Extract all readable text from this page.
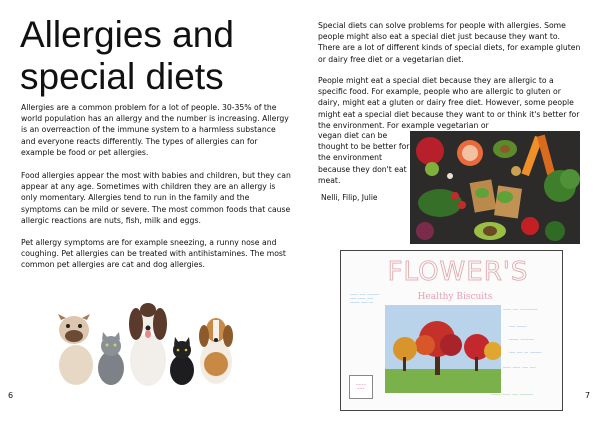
Allergies and
special diets

Allergies are a common problem for a lot of people. 30-35% of the world population has an allergy and the number is increasing. Allergy is an overreaction of the immune system to a harmless substance and everyone reacts differently. The types of allergies can for example be food or pet allergies.

Food allergies appear the most with babies and children, but they can appear at any age. Sometimes with children they are an allergy is only momentary. Allergies tend to run in the family and the symptoms can be mild or severe. The most common foods that cause allergic reactions are nuts, fish, milk and eggs.

Pet allergy symptoms are for example sneezing, a runny nose and coughing. Pet allergies can be treated with antihistamines. The most common pet allergies are cat and dog allergies.

6

Special diets can solve problems for people with allergies. Some people might also eat a special diet just because they want to. There are a lot of different kinds of special diets, for example gluten or dairy free diet or a vegetarian diet.

People might eat a special diet because they are allergic to a specific food. For example, people who are allergic to gluten or dairy, might eat a gluten or dairy free diet. However, some people might eat a special diet because they want to or think it's better for the environment. For example vegetarian or

vegan diet can be thought to be better for the environment because they don't eat meat.

Nelli, Filip, Julie

FLOWER'S
Healthy Biscuits
~~~~ ~~~ ~~~~~~
~~~ ~~~~ ~~~
~~~~~ ~~~ ~~
~~~~ ~~~ ~~~~~~~~~
~~~ ~~~~~
~~~~~ ~~~~~~~
~~~ ~~~ ~~ ~~~~~~
~~~~ ~~~~ ~~~ ~~~
~~~~~ ~~~~ ~~~ ~~~~~~~
~~~~
~~~
7
